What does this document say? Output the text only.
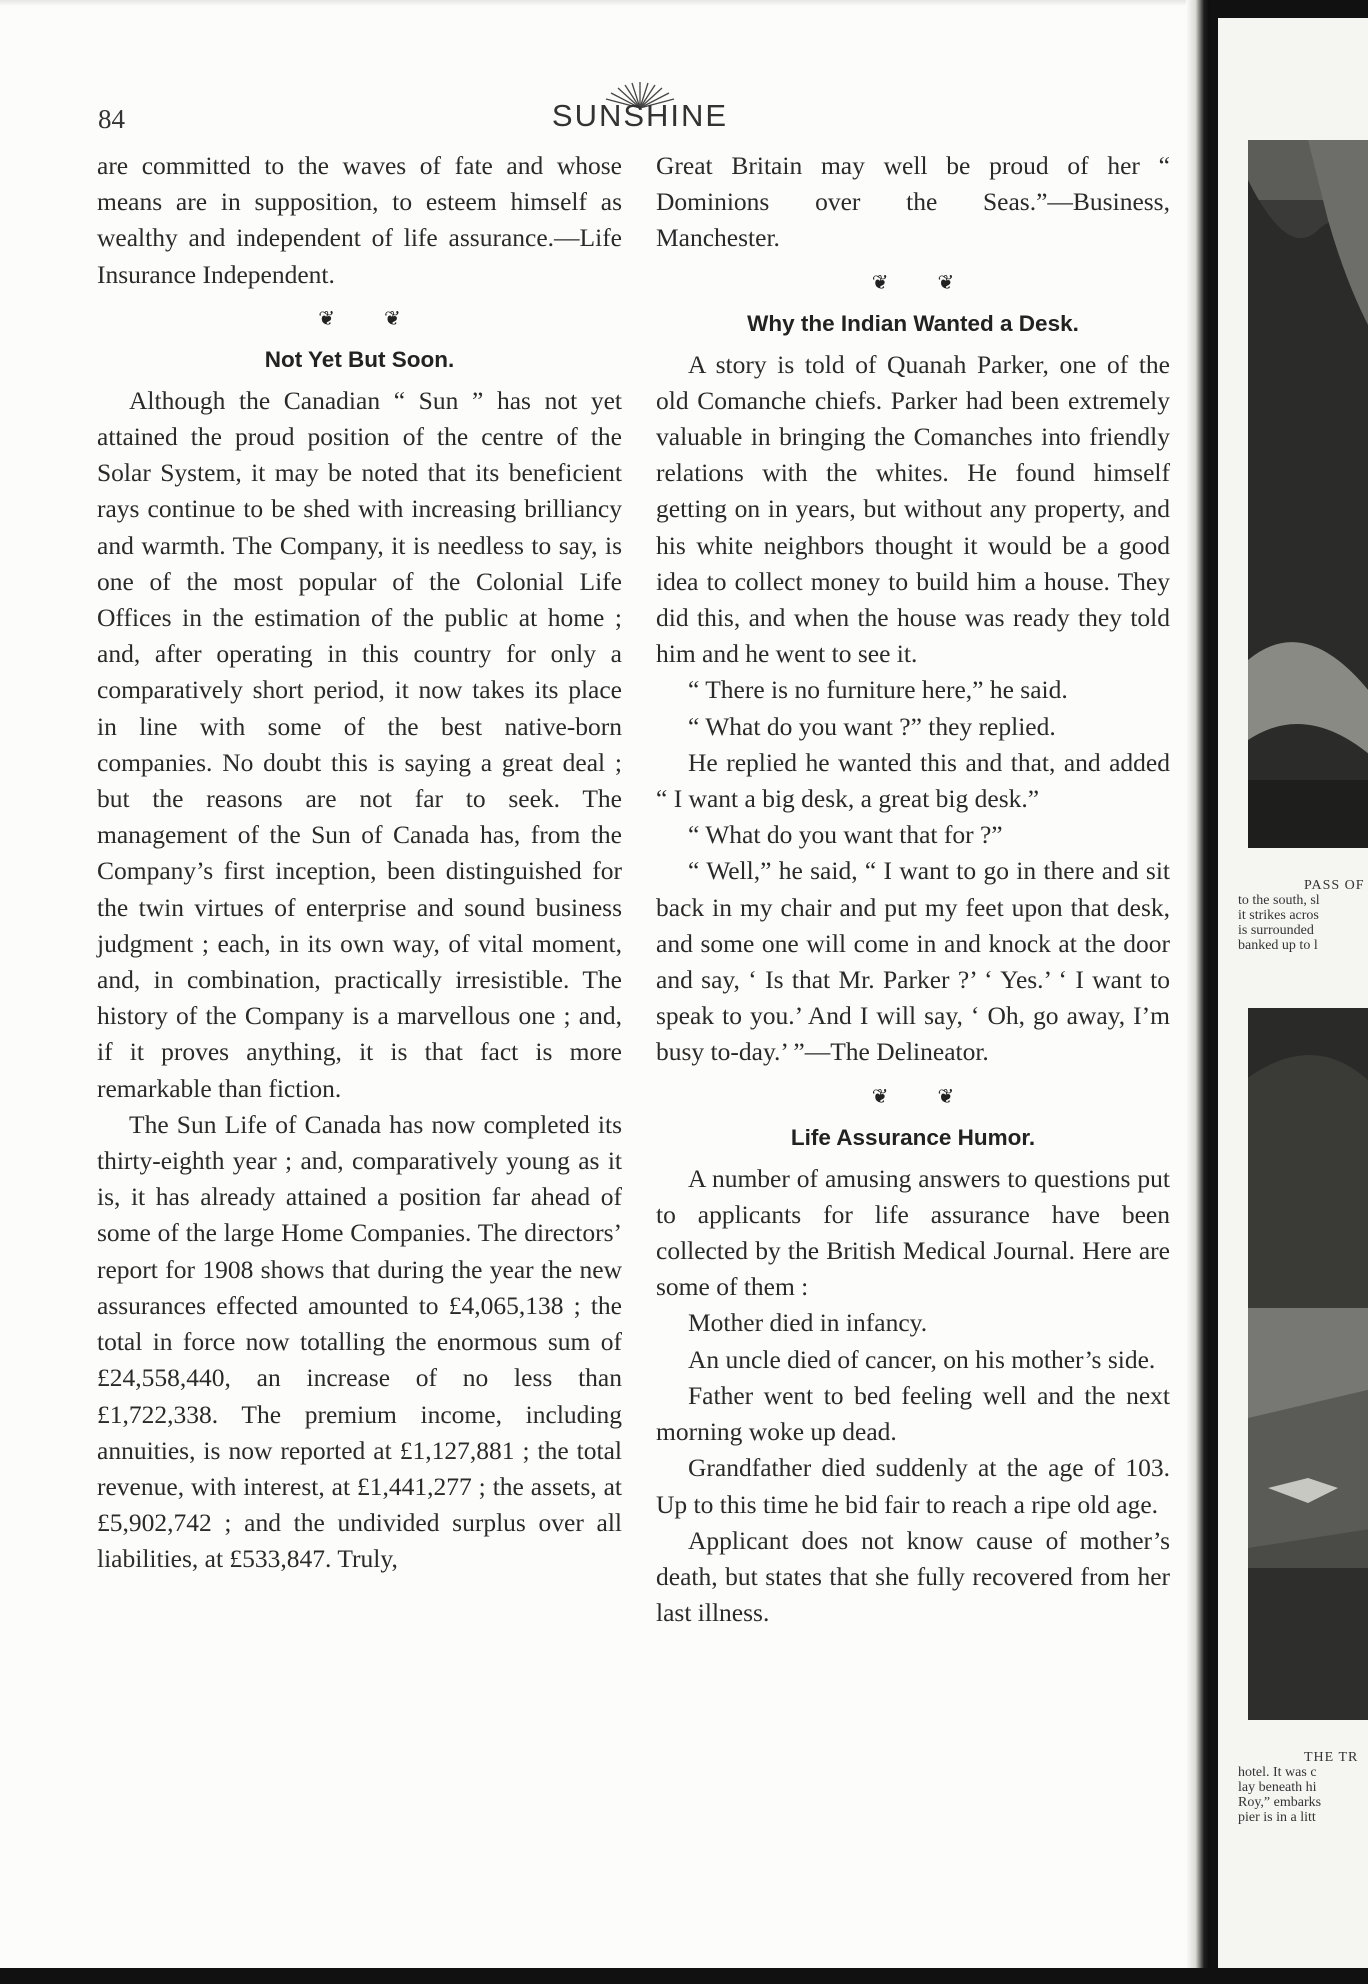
84	SUNSHINE

are committed to the waves of fate and whose means are in supposition, to esteem himself as wealthy and independent of life assurance.—Life Insurance Independent.

❦ ❦
Not Yet But Soon.

Although the Canadian “ Sun ” has not yet attained the proud position of the centre of the Solar System, it may be noted that its beneficient rays continue to be shed with increasing brilliancy and warmth. The Company, it is needless to say, is one of the most popular of the Colonial Life Offices in the estimation of the public at home ; and, after operating in this country for only a comparatively short period, it now takes its place in line with some of the best native-born companies. No doubt this is saying a great deal ; but the reasons are not far to seek. The management of the Sun of Canada has, from the Company’s first inception, been distinguished for the twin virtues of enterprise and sound business judgment ; each, in its own way, of vital moment, and, in combination, practically irresistible. The history of the Company is a marvellous one ; and, if it proves anything, it is that fact is more remarkable than fiction.

The Sun Life of Canada has now completed its thirty-eighth year ; and, comparatively young as it is, it has already attained a position far ahead of some of the large Home Companies. The directors’ report for 1908 shows that during the year the new assurances effected amounted to £4,065,138 ; the total in force now totalling the enormous sum of £24,558,440, an increase of no less than £1,722,338. The premium income, including annuities, is now reported at £1,127,881 ; the total revenue, with interest, at £1,441,277 ; the assets, at £5,902,742 ; and the undivided surplus over all liabilities, at £533,847. Truly,

Great Britain may well be proud of her “ Dominions over the Seas.”—Business, Manchester.

❦ ❦
Why the Indian Wanted a Desk.

A story is told of Quanah Parker, one of the old Comanche chiefs. Parker had been extremely valuable in bringing the Comanches into friendly relations with the whites. He found himself getting on in years, but without any property, and his white neighbors thought it would be a good idea to collect money to build him a house. They did this, and when the house was ready they told him and he went to see it.

“ There is no furniture here,” he said.

“ What do you want ?” they replied.

He replied he wanted this and that, and added “ I want a big desk, a great big desk.”

“ What do you want that for ?”

“ Well,” he said, “ I want to go in there and sit back in my chair and put my feet upon that desk, and some one will come in and knock at the door and say, ‘ Is that Mr. Parker ?’ ‘ Yes.’ ‘ I want to speak to you.’ And I will say, ‘ Oh, go away, I’m busy to-day.’ ”—The Delineator.

❦ ❦
Life Assurance Humor.

A number of amusing answers to questions put to applicants for life assurance have been collected by the British Medical Journal. Here are some of them :

Mother died in infancy.

An uncle died of cancer, on his mother’s side.

Father went to bed feeling well and the next morning woke up dead.

Grandfather died suddenly at the age of 103. Up to this time he bid fair to reach a ripe old age.

Applicant does not know cause of mother’s death, but states that she fully recovered from her last illness.

PASS OF
to the south, sl
it strikes acros
is surrounded
banked up to l
THE TR
hotel. It was c
lay beneath hi
Roy,” embarks
pier is in a litt
